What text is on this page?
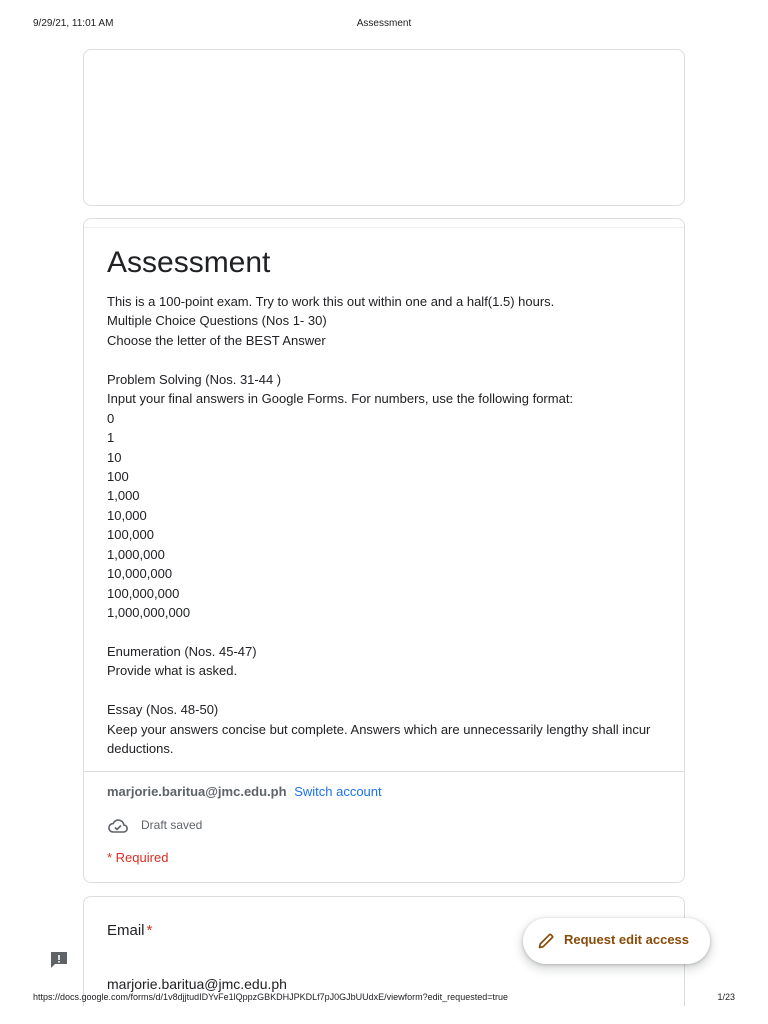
9/29/21, 11:01 AM	Assessment
Assessment
This is a 100-point exam. Try to work this out within one and a half(1.5) hours.
Multiple Choice Questions (Nos 1- 30)
Choose the letter of the BEST Answer
Problem Solving (Nos. 31-44 )
Input your final answers in Google Forms. For numbers, use the following format:
0
1
10
100
1,000
10,000
100,000
1,000,000
10,000,000
100,000,000
1,000,000,000
Enumeration (Nos. 45-47)
Provide what is asked.
Essay (Nos. 48-50)
Keep your answers concise but complete. Answers which are unnecessarily lengthy shall incur deductions.
marjorie.baritua@jmc.edu.ph Switch account
Draft saved
* Required
Email *
marjorie.baritua@jmc.edu.ph
Request edit access
https://docs.google.com/forms/d/1v8djjtudIDYvFe1lQppzGBKDHJPKDLf7pJ0GJbUUdxE/viewform?edit_requested=true	1/23
